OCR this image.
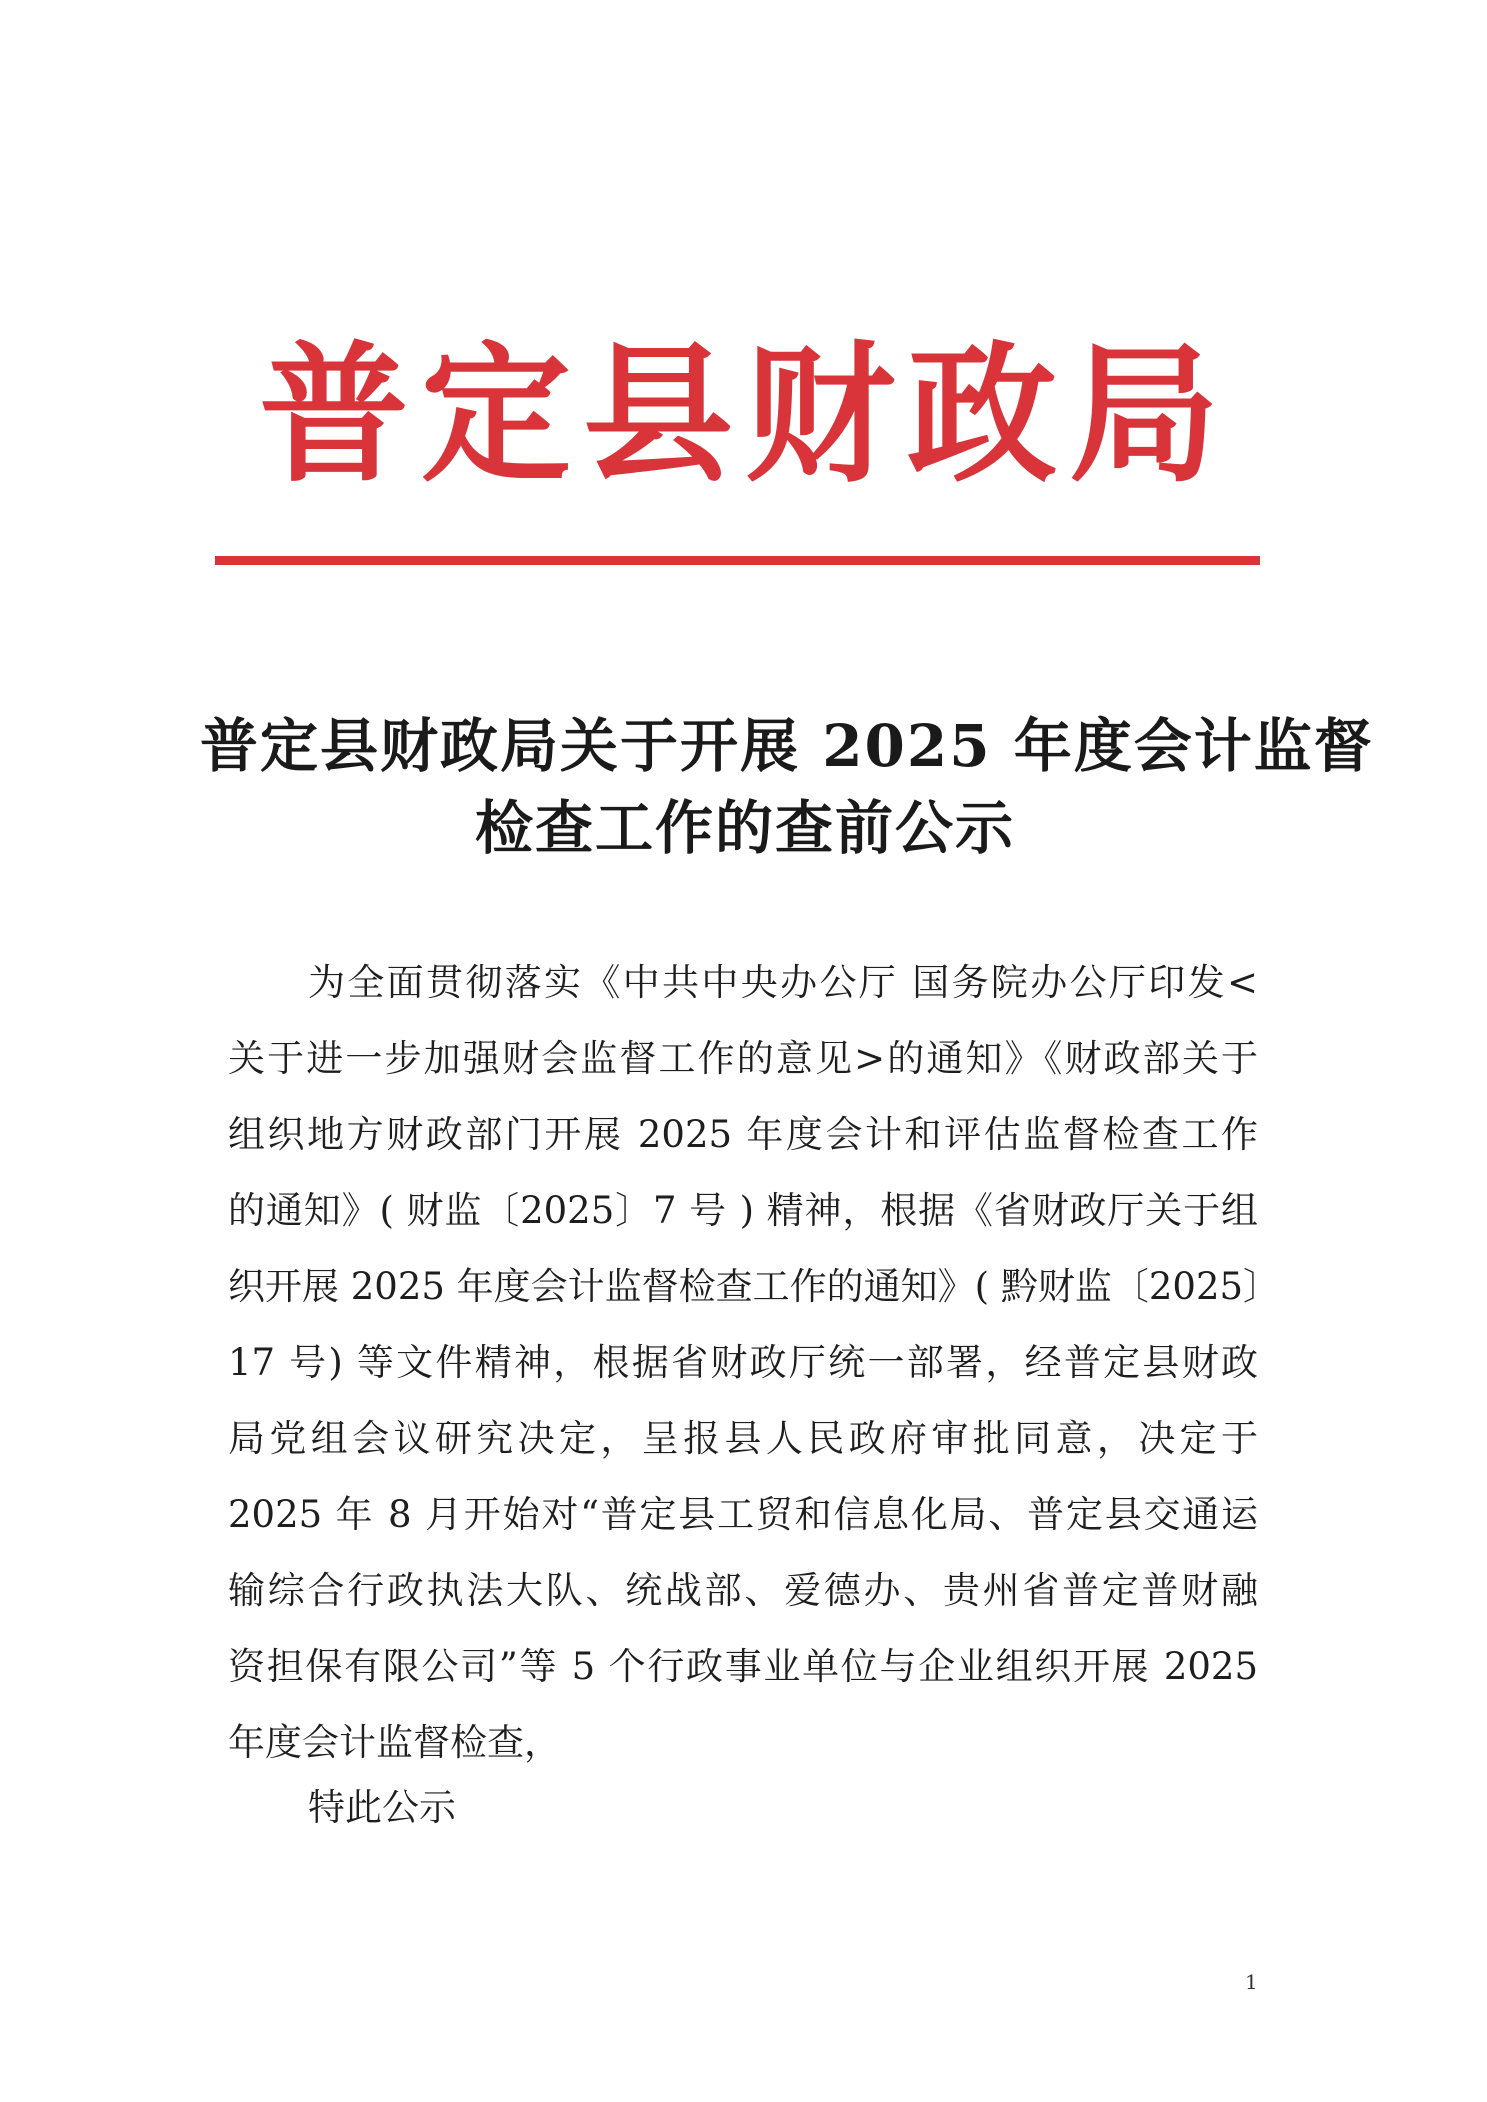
普定县财政局
普定县财政局关于开展 2025 年度会计监督
检查工作的查前公示
为全面贯彻落实《中共中央办公厅 国务院办公厅印发<
关于进一步加强财会监督工作的意见>的通知》《财政部关于
组织地方财政部门开展 2025 年度会计和评估监督检查工作
的通知》( 财监〔2025〕7 号 ) 精神，根据《省财政厅关于组
织开展 2025 年度会计监督检查工作的通知》( 黔财监〔2025〕
17 号) 等文件精神，根据省财政厅统一部署，经普定县财政
局党组会议研究决定，呈报县人民政府审批同意，决定于
2025 年 8 月开始对“普定县工贸和信息化局、普定县交通运
输综合行政执法大队、统战部、爱德办、贵州省普定普财融
资担保有限公司”等 5 个行政事业单位与企业组织开展 2025
年度会计监督检查，
特此公示
1
